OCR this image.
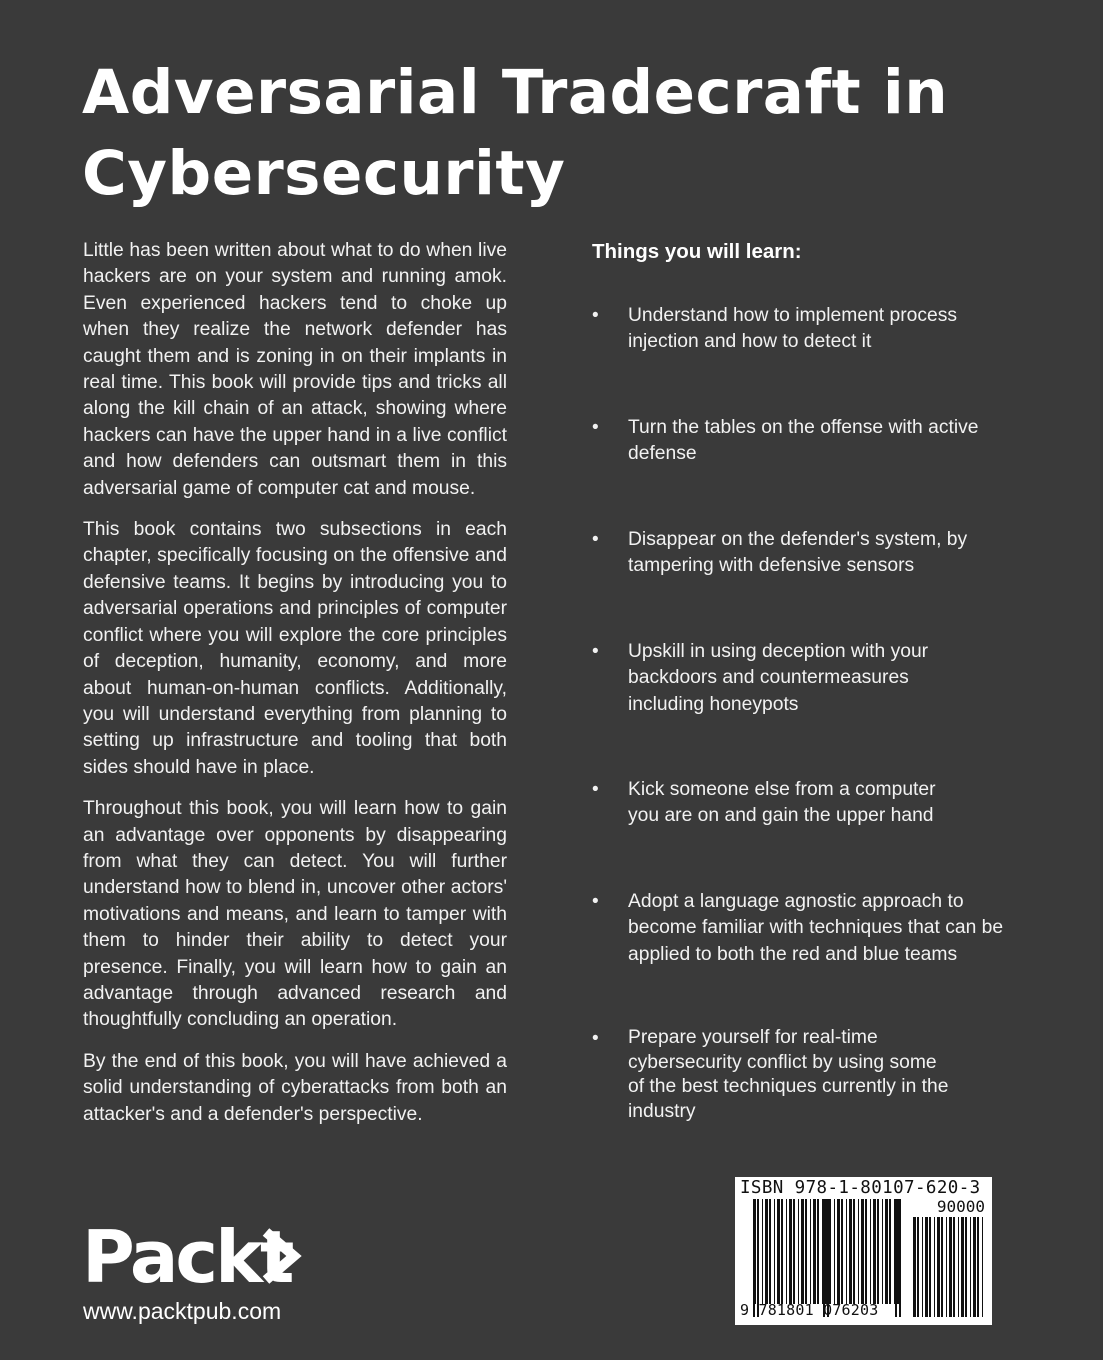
Adversarial Tradecraft in
Cybersecurity

Little has been written about what to do when live hackers are on your system and running amok. Even experienced hackers tend to choke up when they realize the network defender has caught them and is zoning in on their implants in real time. This book will provide tips and tricks all along the kill chain of an attack, showing where hackers can have the upper hand in a live conflict and how defenders can outsmart them in this adversarial game of computer cat and mouse.

This book contains two subsections in each chapter, specifically focusing on the offensive and defensive teams. It begins by introducing you to adversarial operations and principles of computer conflict where you will explore the core principles of deception, humanity, economy, and more about human-on-human conflicts. Additionally, you will understand everything from planning to setting up infrastructure and tooling that both sides should have in place.

Throughout this book, you will learn how to gain an advantage over opponents by disappearing from what they can detect. You will further understand how to blend in, uncover other actors' motivations and means, and learn to tamper with them to hinder their ability to detect your presence. Finally, you will learn how to gain an advantage through advanced research and thoughtfully concluding an operation.

By the end of this book, you will have achieved a solid understanding of cyberattacks from both an attacker's and a defender's perspective.

Things you will learn:
•	Understand how to implement process injection and how to detect it
•	Turn the tables on the offense with active defense
•	Disappear on the defender's system, by tampering with defensive sensors
•	Upskill in using deception with your backdoors and countermeasures including honeypots
•	Kick someone else from a computer you are on and gain the upper hand
•	Adopt a language agnostic approach to become familiar with techniques that can be applied to both the red and blue teams
•	Prepare yourself for real-time cybersecurity conflict by using some of the best techniques currently in the industry
Packt
www.packtpub.com
ISBN 978-1-80107-620-3
90000
9 781801 076203
